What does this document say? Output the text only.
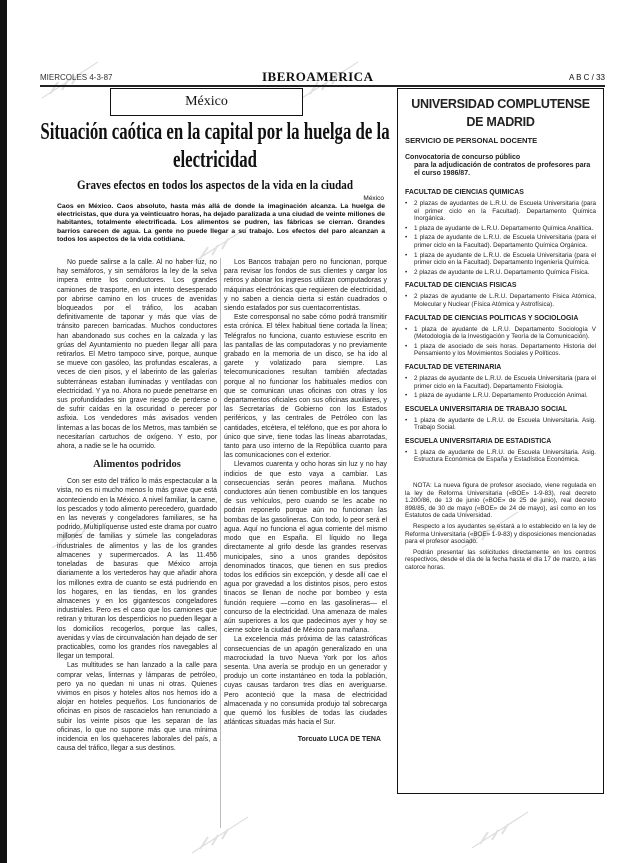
MIERCOLES 4-3-87	IBEROAMERICA	A B C / 33
México
Situación caótica en la capital por la huelga de la electricidad
Graves efectos en todos los aspectos de la vida en la ciudad
México

Caos en México. Caos absoluto, hasta más allá de donde la imaginación alcanza. La huelga de electricistas, que dura ya veinticuatro horas, ha dejado paralizada a una ciudad de veinte millones de habitantes, totalmente electrificada. Los alimentos se pudren, las fábricas se cierran. Grandes barrios carecen de agua. La gente no puede llegar a su trabajo. Los efectos del paro alcanzan a todos los aspectos de la vida cotidiana.

No puede salirse a la calle. Al no haber luz, no hay semáforos, y sin semáforos la ley de la selva impera entre los conductores. Los grandes camiones de trasporte, en un intento desesperado por abrirse camino en los cruces de avenidas bloqueados por el tráfico, los acaban definitivamente de taponar y más que vías de tránsito parecen barricadas. Muchos conductores han abandonado sus coches en la calzada y las grúas del Ayuntamiento no pueden llegar allí para retirarlos. El Metro tampoco sirve, porque, aunque se mueve con gasóleo, las profundas escaleras, a veces de cien pisos, y el laberinto de las galerías subterráneas estaban iluminadas y ventiladas con electricidad. Y ya no. Ahora no puede penetrarse en sus profundidades sin grave riesgo de perderse o de sufrir caídas en la oscuridad o perecer por asfixia. Los vendedores más avisados venden linternas a las bocas de los Metros, mas también se necesitarían cartuchos de oxígeno. Y esto, por ahora, a nadie se le ha ocurrido.

Alimentos podridos

Con ser esto del tráfico lo más espectacular a la vista, no es ni mucho menos lo más grave que está aconteciendo en la México. A nivel familiar, la carne, los pescados y todo alimento perecedero, guardado en las neveras y congeladores familiares, se ha podrido. Multiplíquense usted este drama por cuatro millones de familias y súmele las congeladoras industriales de alimentos y las de los grandes almacenes y supermercados. A las 11.456 toneladas de basuras que México arroja diariamente a los vertederos hay que añadir ahora los millones extra de cuanto se está pudriendo en los hogares, en las tiendas, en los grandes almacenes y en los gigantescos congeladores industriales. Pero es el caso que los camiones que retiran y trituran los desperdicios no pueden llegar a los domicilios recogerlos, porque las calles, avenidas y vías de circunvalación han dejado de ser practicables, como los grandes ríos navegables al llegar un temporal.

Las multitudes se han lanzado a la calle para comprar velas, linternas y lámparas de petróleo, pero ya no quedan ni unas ni otras. Quienes vivimos en pisos y hoteles altos nos hemos ido a alojar en hoteles pequeños. Los funcionarios de oficinas en pisos de rascacielos han renunciado a subir los veinte pisos que les separan de las oficinas, lo que no supone más que una mínima incidencia en los quehaceres laborales del país, a causa del tráfico, llegar a sus destinos.

Los Bancos trabajan pero no funcionan, porque para revisar los fondos de sus clientes y cargar los retiros y abonar los ingresos utilizan computadoras y máquinas electrónicas que requieren de electricidad, y no saben a ciencia cierta si están cuadrados o siendo estafados por sus cuentacorrentistas.

Este corresponsal no sabe cómo podrá transmitir esta crónica. El télex habitual tiene cortada la línea; Telégrafos no funciona, cuanto estuviese escrito en las pantallas de las computadoras y no previamente grabado en la memoria de un disco, se ha ido al garete y volatizado para siempre. Las telecomunicaciones resultan también afectadas porque al no funcionar los habituales medios con que se comunican unas oficinas con otras y los departamentos oficiales con sus oficinas auxiliares, y las Secretarías de Gobierno con los Estados periféricos, y las centrales de Petróleo con las cantidades, etcétera, el teléfono, que es por ahora lo único que sirve, tiene todas las líneas abarrotadas, tanto para uso interno de la República cuanto para las comunicaciones con el exterior.

Llevamos cuarenta y ocho horas sin luz y no hay indicios de que esto vaya a cambiar. Las consecuencias serán peores mañana. Muchos conductores aún tienen combustible en los tanques de sus vehículos, pero cuando se les acabe no podrán reponerlo porque aún no funcionan las bombas de las gasolineras. Con todo, lo peor será el agua. Aquí no funciona el agua corriente del mismo modo que en España. El líquido no llega directamente al grifo desde las grandes reservas municipales, sino a unos grandes depósitos denominados tinacos, que tienen en sus predios todos los edificios sin excepción, y desde allí cae el agua por gravedad a los distintos pisos, pero estos tinacos se llenan de noche por bombeo y esta función requiere —como en las gasolineras— el concurso de la electricidad. Una amenaza de males aún superiores a los que padecimos ayer y hoy se cierne sobre la ciudad de México para mañana.

La excelencia más próxima de las catastróficas consecuencias de un apagón generalizado en una macrociudad la tuvo Nueva York por los años sesenta. Una avería se produjo en un generador y produjo un corte instantáneo en toda la población, cuyas causas tardaron tres días en averiguarse. Pero aconteció que la masa de electricidad almacenada y no consumida produjo tal sobrecarga que quemó los fusibles de todas las ciudades atlánticas situadas más hacia el Sur.

Torcuato LUCA DE TENA
UNIVERSIDAD COMPLUTENSE
DE MADRID
SERVICIO DE PERSONAL DOCENTE
Convocatoria de concurso público
para la adjudicación de contratos de profesores para el curso 1986/87.
FACULTAD DE CIENCIAS QUIMICAS
• 2 plazas de ayudantes de L.R.U. de Escuela Universitaria (para el primer ciclo en la Facultad). Departamento Química Inorgánica.
• 1 plaza de ayudante de L.R.U. Departamento Química Analítica.
• 1 plaza de ayudante de L.R.U. de Escuela Universitaria (para el primer ciclo en la Facultad). Departamento Química Orgánica.
• 1 plaza de ayudante de L.R.U. de Escuela Universitaria (para el primer ciclo en la Facultad). Departamento Ingeniería Química.
• 2 plazas de ayudante de L.R.U. Departamento Química Física.
FACULTAD DE CIENCIAS FISICAS
• 2 plazas de ayudante de L.R.U. Departamento Física Atómica, Molecular y Nuclear (Física Atómica y Astrofísica).
FACULTAD DE CIENCIAS POLITICAS Y SOCIOLOGIA
• 1 plaza de ayudante de L.R.U. Departamento Sociología V (Metodología de la Investigación y Teoría de la Comunicación).
• 1 plaza de asociado de seis horas. Departamento Historia del Pensamiento y los Movimientos Sociales y Políticos.
FACULTAD DE VETERINARIA
• 2 plazas de ayudante de L.R.U. de Escuela Universitaria (para el primer ciclo en la Facultad). Departamento Fisiología.
• 1 plaza de ayudante L.R.U. Departamento Producción Animal.
ESCUELA UNIVERSITARIA DE TRABAJO SOCIAL
• 1 plaza de ayudante de L.R.U. de Escuela Universitaria. Asig. Trabajo Social.
ESCUELA UNIVERSITARIA DE ESTADISTICA
• 1 plaza de ayudante de L.R.U. de Escuela Universitaria. Asig. Estructura Económica de España y Estadística Económica.

NOTA: La nueva figura de profesor asociado, viene regulada en la ley de Reforma Universitaria («BOE» 1-9-83), real decreto 1.200/86, de 13 de junio («BOE» de 25 de junio), real decreto 898/85, de 30 de mayo («BOE» de 24 de mayo), así como en los Estatutos de cada Universidad.

Respecto a los ayudantes se estará a lo establecido en la ley de Reforma Universitaria («BOE» 1-9-83) y disposiciones mencionadas para el profesor asociado.

Podrán presentar las solicitudes directamente en los centros respectivos, desde el día de la fecha hasta el día 17 de marzo, a las catorce horas.
